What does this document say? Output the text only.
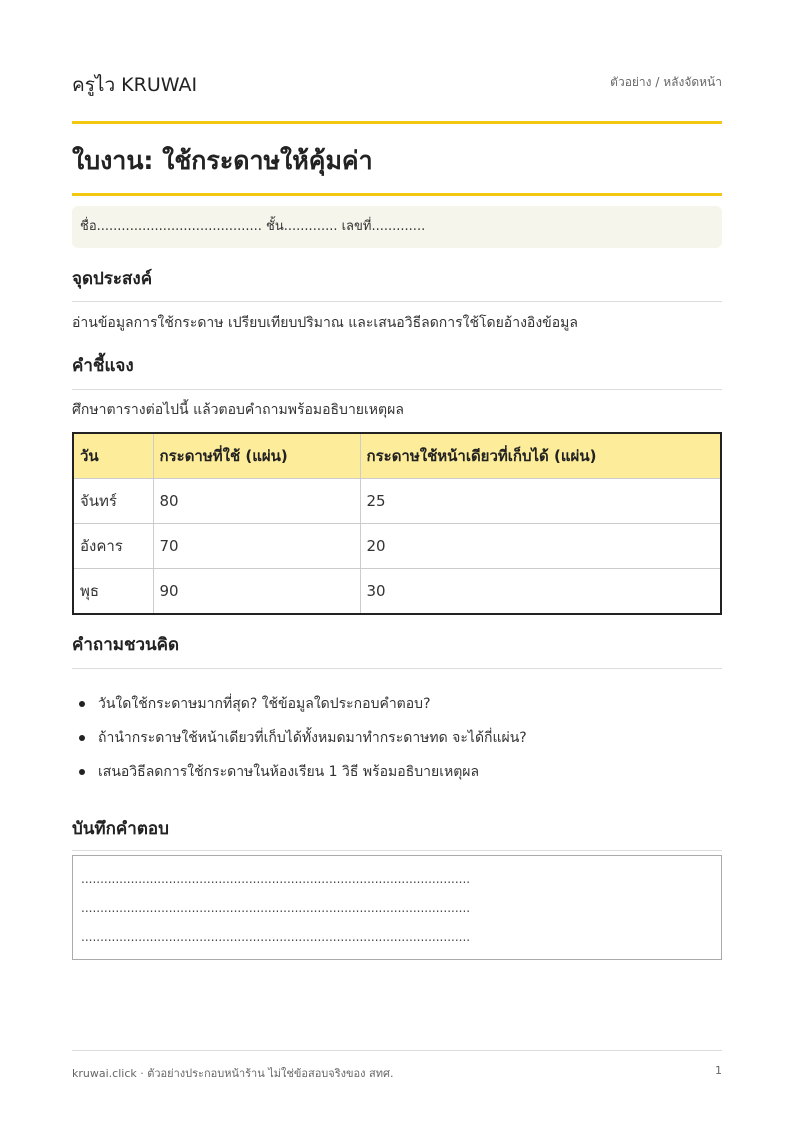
ครูไว KRUWAI	ตัวอย่าง / หลังจัดหน้า
ใบงาน: ใช้กระดาษให้คุ้มค่า
ชื่อ........................................ ชั้น............. เลขที่.............
จุดประสงค์
อ่านข้อมูลการใช้กระดาษ เปรียบเทียบปริมาณ และเสนอวิธีลดการใช้โดยอ้างอิงข้อมูล
คำชี้แจง
ศึกษาตารางต่อไปนี้ แล้วตอบคำถามพร้อมอธิบายเหตุผล
วัน	กระดาษที่ใช้ (แผ่น)	กระดาษใช้หน้าเดียวที่เก็บได้ (แผ่น)
จันทร์	80	25
อังคาร	70	20
พุธ	90	30
คำถามชวนคิด
วันใดใช้กระดาษมากที่สุด? ใช้ข้อมูลใดประกอบคำตอบ?
ถ้านำกระดาษใช้หน้าเดียวที่เก็บได้ทั้งหมดมาทำกระดาษทด จะได้กี่แผ่น?
เสนอวิธีลดการใช้กระดาษในห้องเรียน 1 วิธี พร้อมอธิบายเหตุผล
บันทึกคำตอบ
......................................................................................................
......................................................................................................
......................................................................................................
kruwai.click · ตัวอย่างประกอบหน้าร้าน ไม่ใช่ข้อสอบจริงของ สทศ.	1
